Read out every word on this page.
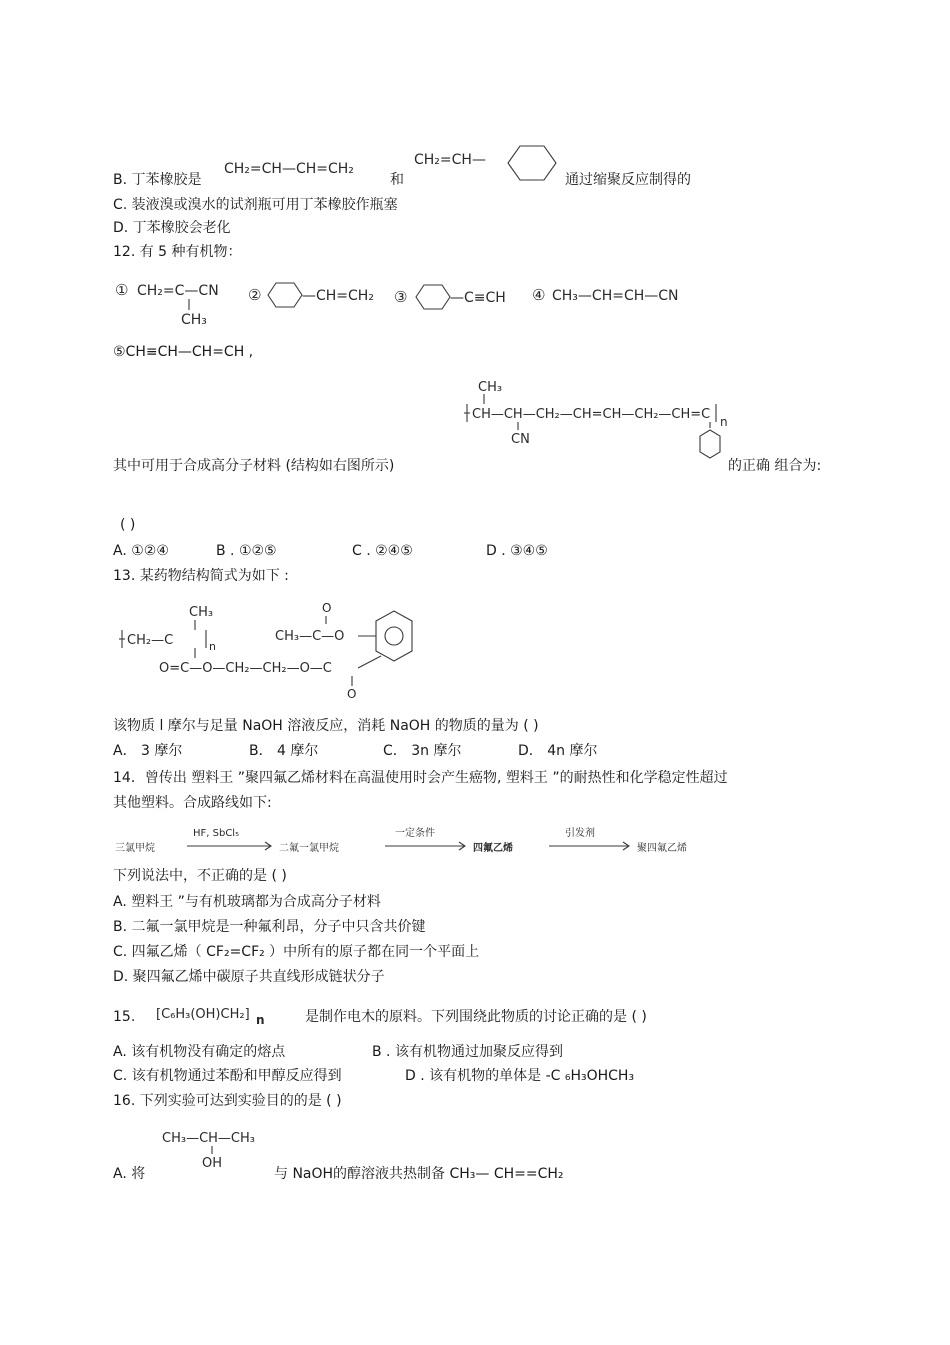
B. 丁苯橡胶是
CH₂=CH—CH=CH₂
和
CH₂=CH—
通过缩聚反应制得的
C. 装液溴或溴水的试剂瓶可用丁苯橡胶作瓶塞
D. 丁苯橡胶会老化
12. 有 5 种有机物：
① CH₂=C—CN
CH₃
②	—CH=CH₂ ③	—C≡CH ④ CH₃—CH=CH—CN
⑤CH≡CH—CH=CH ,
CH₃
CH—CH—CH₂—CH=CH—CH₂—CH=C
CN
n
其中可用于合成高分子材料 (结构如右图所示)	的正确 组合为:
( )
A. ①②④	B . ①②⑤	C . ②④⑤	D . ③④⑤
13. 某药物结构简式为如下 :
CH₃
CH₂—C	n
O=C—O—CH₂—CH₂—O—C
O
CH₃—C—O
O
该物质 l 摩尔与足量 NaOH 溶液反应，消耗 NaOH 的物质的量为 ( )
A． 3 摩尔	B． 4 摩尔	C． 3n 摩尔	D． 4n 摩尔
14．曾传出 塑料王 ”聚四氟乙烯材料在高温使用时会产生癌物, 塑料王 ”的耐热性和化学稳定性超过
其他塑料。合成路线如下:
三氯甲烷
HF, SbCl₅
二氟一氯甲烷
一定条件
四氟乙烯
引发剂
聚四氟乙烯
下列说法中，不正确的是 ( )
A. 塑料王 ”与有机玻璃都为合成高分子材料
B. 二氟一氯甲烷是一种氟利昂，分子中只含共价键
C. 四氟乙烯（ CF₂=CF₂ ）中所有的原子都在同一个平面上
D. 聚四氟乙烯中碳原子共直线形成链状分子
15. [C₆H₃(OH)CH₂] n	是制作电木的原料。下列围绕此物质的讨论正确的是 ( )
A. 该有机物没有确定的熔点	B . 该有机物通过加聚反应得到
C. 该有机物通过苯酚和甲醇反应得到	D . 该有机物的单体是 -C ₆H₃OHCH₃
16. 下列实验可达到实验目的的是 ( )
CH₃—CH—CH₃
OH
A. 将	与 NaOH的醇溶液共热制备 CH₃— CH==CH₂
